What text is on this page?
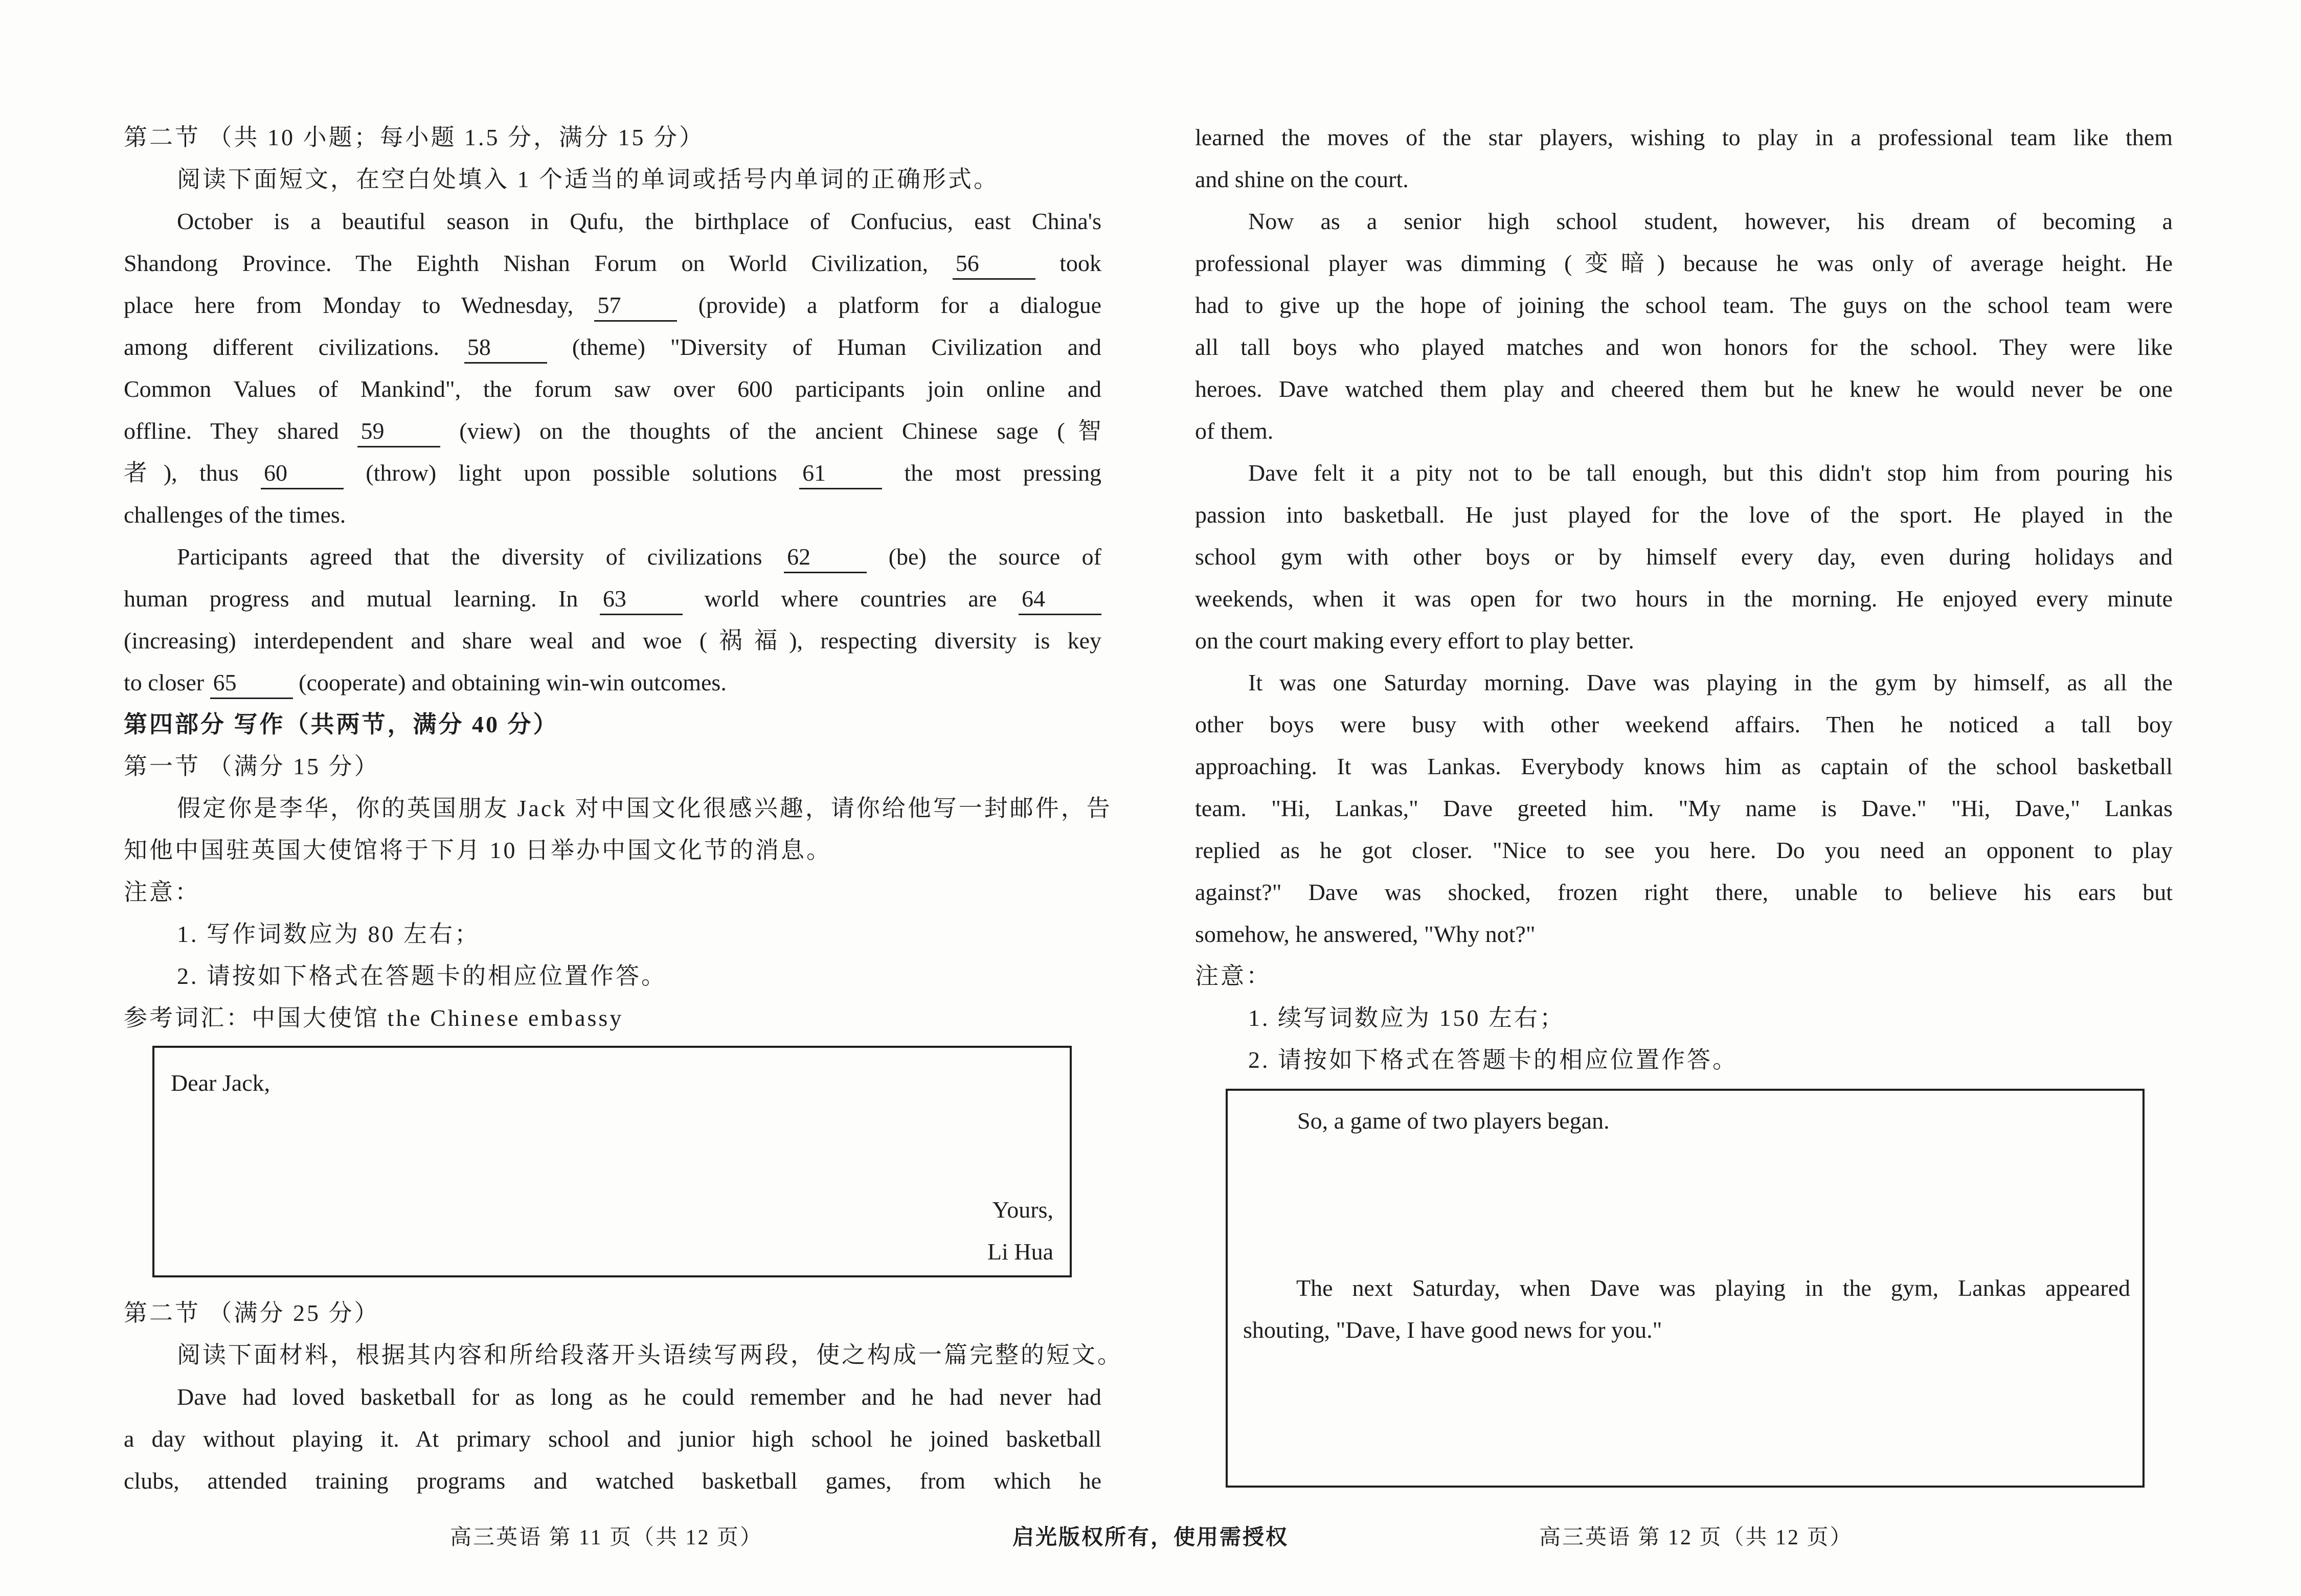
第二节 （共 10 小题；每小题 1.5 分，满分 15 分）
阅读下面短文，在空白处填入 1 个适当的单词或括号内单词的正确形式。
October is a beautiful season in Qufu, the birthplace of Confucius, east China's
Shandong Province. The Eighth Nishan Forum on World Civilization, 56	took
place here from Monday to Wednesday, 57	(provide) a platform for a dialogue
among different civilizations. 58	(theme) "Diversity of Human Civilization and
Common Values of Mankind", the forum saw over 600 participants join online and
offline. They shared 59	(view) on the thoughts of the ancient Chinese sage (智
者), thus 60	(throw) light upon possible solutions 61	the most pressing
challenges of the times.
Participants agreed that the diversity of civilizations 62	(be) the source of
human progress and mutual learning. In 63	world where countries are 64
(increasing) interdependent and share weal and woe (祸福), respecting diversity is key
to closer 65	(cooperate) and obtaining win-win outcomes.
第四部分 写作（共两节，满分 40 分）
第一节 （满分 15 分）
假定你是李华，你的英国朋友 Jack 对中国文化很感兴趣，请你给他写一封邮件，告
知他中国驻英国大使馆将于下月 10 日举办中国文化节的消息。
注意：
1. 写作词数应为 80 左右；
2. 请按如下格式在答题卡的相应位置作答。
参考词汇：中国大使馆 the Chinese embassy
第二节 （满分 25 分）
阅读下面材料，根据其内容和所给段落开头语续写两段，使之构成一篇完整的短文。
Dave had loved basketball for as long as he could remember and he had never had
a day without playing it. At primary school and junior high school he joined basketball
clubs, attended training programs and watched basketball games, from which he
Dear Jack,
Yours,
Li Hua
learned the moves of the star players, wishing to play in a professional team like them
and shine on the court.
Now as a senior high school student, however, his dream of becoming a
professional player was dimming (变暗) because he was only of average height. He
had to give up the hope of joining the school team. The guys on the school team were
all tall boys who played matches and won honors for the school. They were like
heroes. Dave watched them play and cheered them but he knew he would never be one
of them.
Dave felt it a pity not to be tall enough, but this didn't stop him from pouring his
passion into basketball. He just played for the love of the sport. He played in the
school gym with other boys or by himself every day, even during holidays and
weekends, when it was open for two hours in the morning. He enjoyed every minute
on the court making every effort to play better.
It was one Saturday morning. Dave was playing in the gym by himself, as all the
other boys were busy with other weekend affairs. Then he noticed a tall boy
approaching. It was Lankas. Everybody knows him as captain of the school basketball
team. "Hi, Lankas," Dave greeted him. "My name is Dave." "Hi, Dave," Lankas
replied as he got closer. "Nice to see you here. Do you need an opponent to play
against?" Dave was shocked, frozen right there, unable to believe his ears but
somehow, he answered, "Why not?"
注意：
1. 续写词数应为 150 左右；
2. 请按如下格式在答题卡的相应位置作答。
So, a game of two players began.
The next Saturday, when Dave was playing in the gym, Lankas appeared
shouting, "Dave, I have good news for you."
高三英语 第 11 页（共 12 页）	启光版权所有，使用需授权	高三英语 第 12 页（共 12 页）
